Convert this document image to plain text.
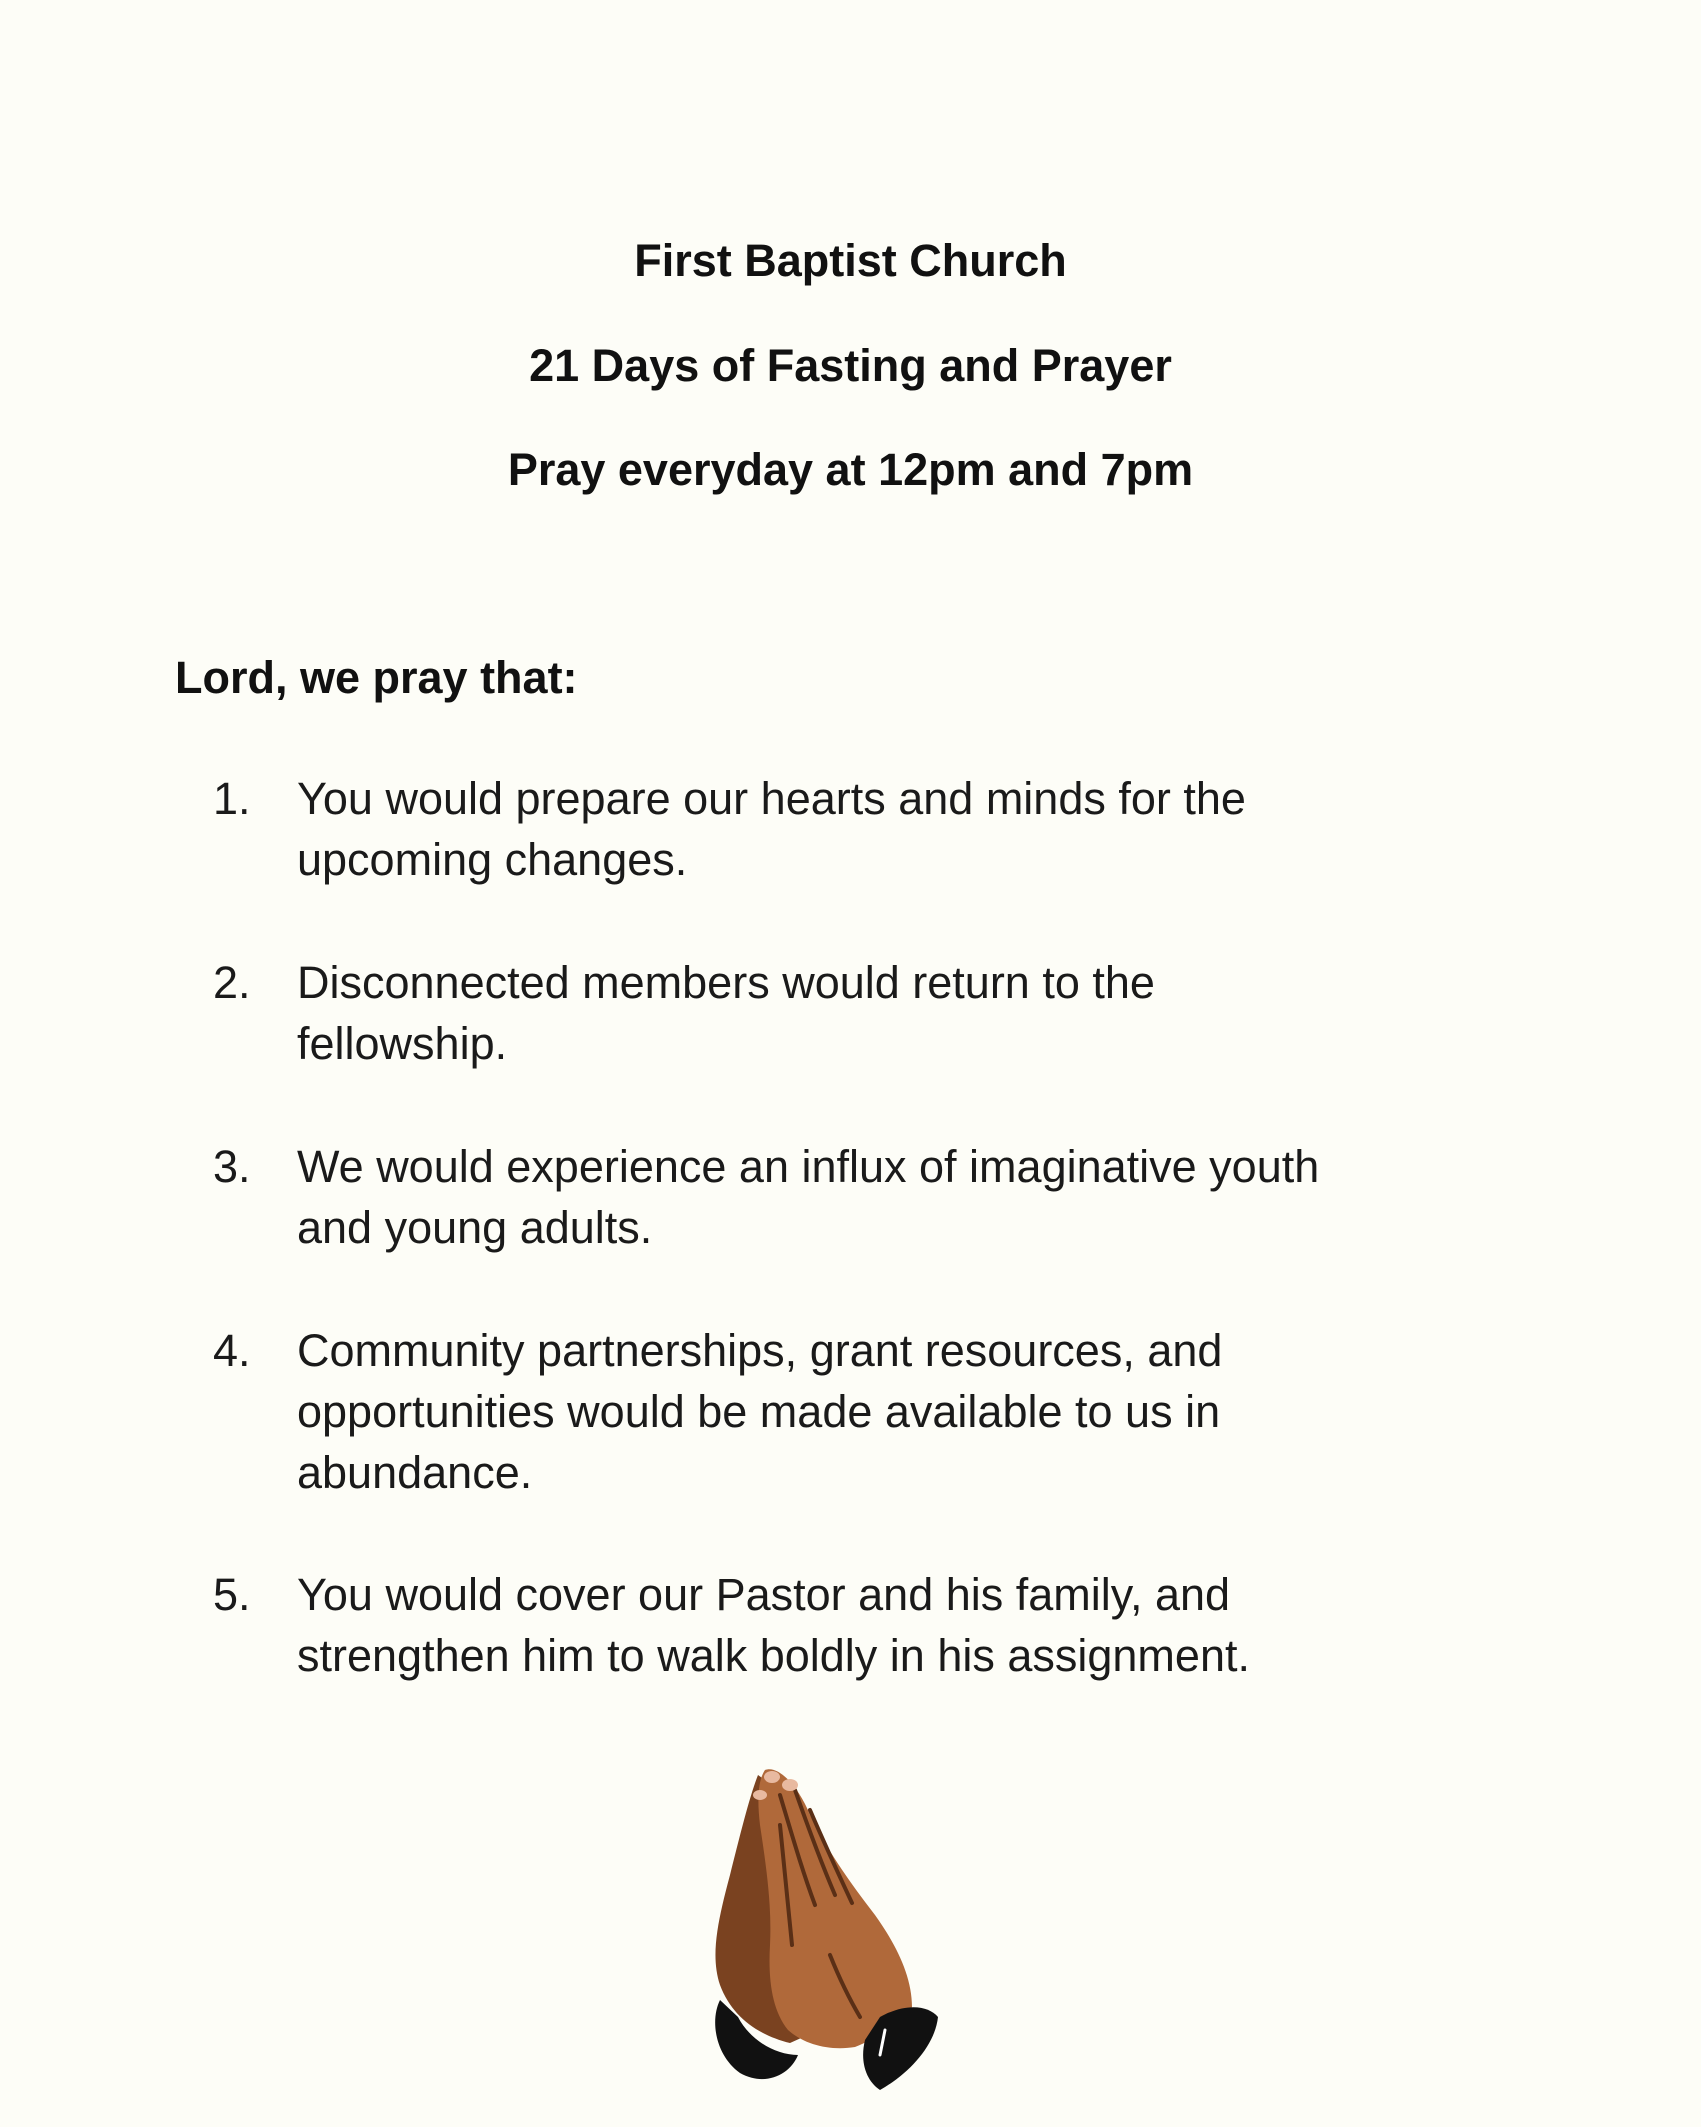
First Baptist Church
21 Days of Fasting and Prayer
Pray everyday at 12pm and 7pm
Lord, we pray that:
1.	You would prepare our hearts and minds for the
upcoming changes.
2.	Disconnected members would return to the
fellowship.
3.	We would experience an influx of imaginative youth
and young adults.
4.	Community partnerships, grant resources, and
opportunities would be made available to us in
abundance.
5.	You would cover our Pastor and his family, and
strengthen him to walk boldly in his assignment.
